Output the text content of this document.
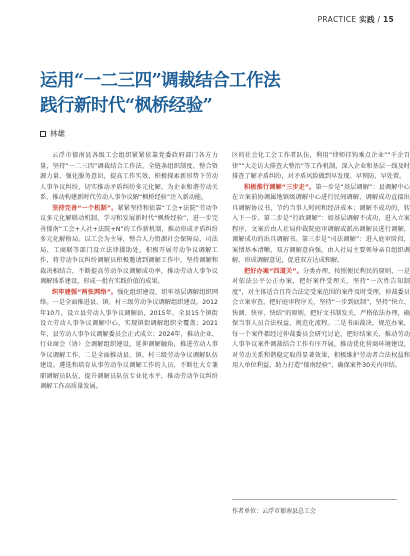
PRACTICE 实践 / 15
运用“一二三四”调裁结合工作法
践行新时代“枫桥经验”
林雄

云浮市郁南县各级工会组织紧紧依靠党委政府部门各方力量，坚持“一二三四”调裁结合工作法，全链条组织制度、整合资源力量、强化服务意识，提高工作实效，积极探索新形势下劳动人事争议纠纷，切实推动矛盾纠纷多元化解，为企业和谐劳动关系，推动构建新时代劳动人事争议解“枫桥经验”注入新动能。

坚持完善“一个机制”。紧紧坚持和依靠“工会+法院”劳动争议多元化解联动机制，学习和发展新时代“枫桥经验”，进一步完善郁南“工会+人社+法院+N”的工作新机制，推动形成矛盾纠纷多元化解格局。以工会为主导，整合人力资源社会保障局、司法局、工商联等部门设立法律援助处，积极开展劳动争议调解工作，将劳动争议纠纷调解员积极邀请到调解工作中，坚持调解和裁决相结合，不断提高劳动争议调解成功率，推动劳动人事争议调解体系建设，形成一批有实践价值的成果。

织牢建强“两张网络”。强化组织建设，织牢基层调解组织网络。一是全面推进县、镇、村三级劳动争议调解组织建设。2012年10月，设立县劳动人事争议调解站，2015年，全县15个镇街设立劳动人事争议调解中心，实现镇街调解组织全覆盖；2021年，县劳动人事争议调解委员会正式成立；2024年，推动企业、行业商会（协）会调解组织建设，延伸调解触角，推进劳动人事争议调解工作。二是全面推动县、镇、村三级劳动争议调解队伍建设。遴选和培育从事劳动争议调解工作的人员，不断壮大专兼职调解员队伍，提升调解员队伍专业化水平，推动劳动争议纠纷调解工作高质量发展。

区的社会化工会工作者队伍，利用“律师挂钩乘点企业”“千企百律”“大走访大排查大整治”等工作机制，深入企业和基层一线及时排查了解矛盾纠纷，对矛盾风险做到早发现、早预防、早处置。

积极推行调解“三步走”。第一步是“基层调解”：县调解中心在立案前协调属地镇级调解中心进行民间调解，调解成功直接出具调解协议书，节约当事人时间和经济成本；调解不成功的，转入下一步。第二步是“行政调解”：如基层调解不成功，进入立案程序，文案后由人社局仲裁院庭审调解或派出调解员进行调解，调解成功的出具调解书。第三步是“司法调解”：进入庭审阶段，案情基本清晰，双方调解意向强，由人社局主要领导亲自组织调解，形成调解意见，促进双方达成和解。

把好办案“四道关”。分类办理，按照便民利民的原则，一是对依法公平公正办案，把好案件受理关，坚持“一次性告知制度”，对主体适合且符合法定受案范围的案件及时受理，仲裁委员会立案审查，把好庭审程序关，坚持“一步到底制”，坚持“快立、快调、快审、快结”的原则，把好文书制发关，严格依法办理，确保当事人员合法权益，规范化流程。二是书面裁决，规范办案，每一个案件都经过仲裁委员会研究讨论，把好结案关，推动劳动人事争议案件调裁结合工作有序开展，推动优化营商环境建设，对劳动关系和谐稳定取得显著效果，积极维护劳动者合法权益和用人单位利益，助力打造“郁南经验”，确保案件30天内审结。

作者单位：云浮市郁南县总工会
